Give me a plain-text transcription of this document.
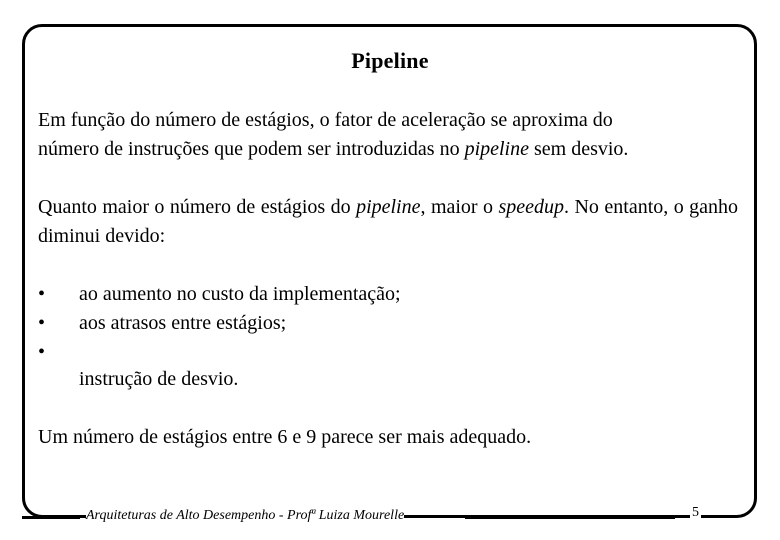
Pipeline
Em função do número de estágios, o fator de aceleração se aproxima do
número de instruções que podem ser introduzidas no pipeline sem desvio.
Quanto maior o número de estágios do pipeline, maior o speedup. No entanto, o ganho diminui devido:
• ao aumento no custo da implementação;
• aos atrasos entre estágios;
•
instrução de desvio.
Um número de estágios entre 6 e 9 parece ser mais adequado.
Arquiteturas de Alto Desempenho - Profª Luiza Mourelle	5
